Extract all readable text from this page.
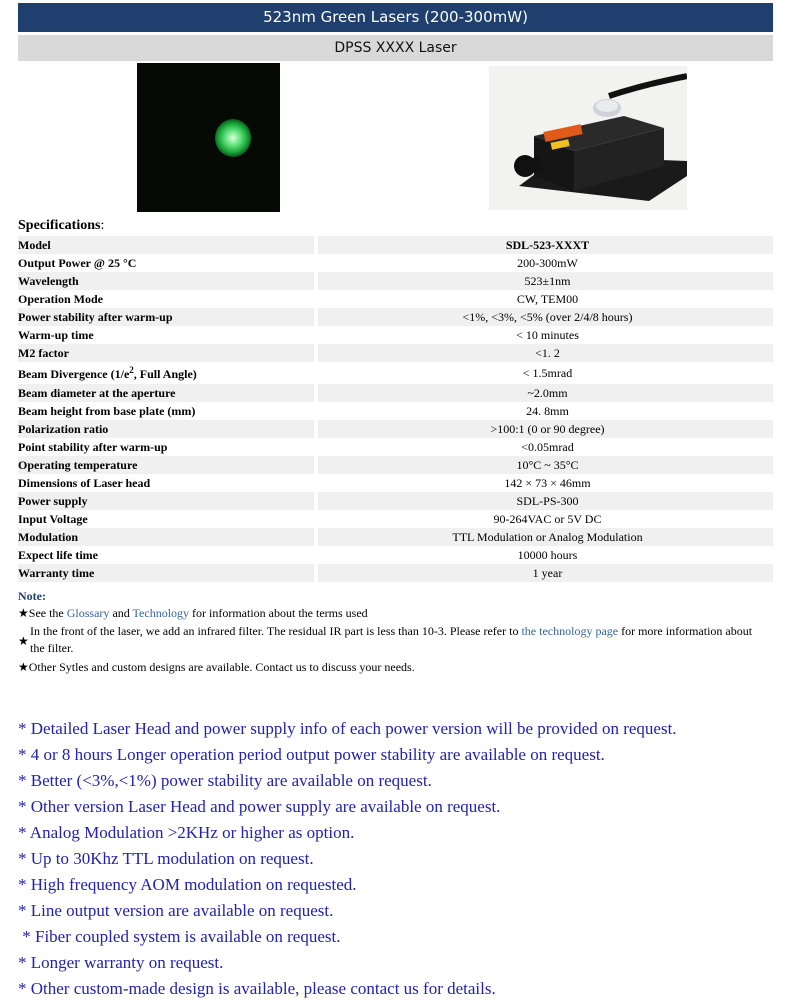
523nm Green Lasers (200-300mW)
DPSS XXXX Laser
Specifications:
Model		SDL-523-XXXT
Output Power @ 25 °C		200-300mW
Wavelength		523±1nm
Operation Mode		CW, TEM00
Power stability after warm-up		<1%, <3%, <5% (over 2/4/8 hours)
Warm-up time		< 10 minutes
M2 factor		<1. 2
Beam Divergence ($1/e^2$, Full Angle)		< 1.5mrad
Beam diameter at the aperture		~2.0mm
Beam height from base plate (mm)		24. 8mm
Polarization ratio		>100:1 (0 or 90 degree)
Point stability after warm-up		<0.05mrad
Operating temperature		10°C ~ 35°C
Dimensions of Laser head		142 × 73 × 46mm
Power supply		SDL-PS-300
Input Voltage		90-264VAC or 5V DC
Modulation		TTL Modulation or Analog Modulation
Expect life time		10000 hours
Warranty time		1 year
Note:
★See the Glossary and Technology for information about the terms used
★
In the front of the laser, we add an infrared filter. The residual IR part is less than 10-3. Please refer to the technology page for more information about
the filter.
★Other Sytles and custom designs are available. Contact us to discuss your needs.
* Detailed Laser Head and power supply info of each power version will be provided on request.
* 4 or 8 hours Longer operation period output power stability are available on request.
* Better (<3%,<1%) power stability are available on request.
* Other version Laser Head and power supply are available on request.
* Analog Modulation >2KHz or higher as option.
* Up to 30Khz TTL modulation on request.
* High frequency AOM modulation on requested.
* Line output version are available on request.
* Fiber coupled system is available on request.
* Longer warranty on request.
* Other custom-made design is available, please contact us for details.
